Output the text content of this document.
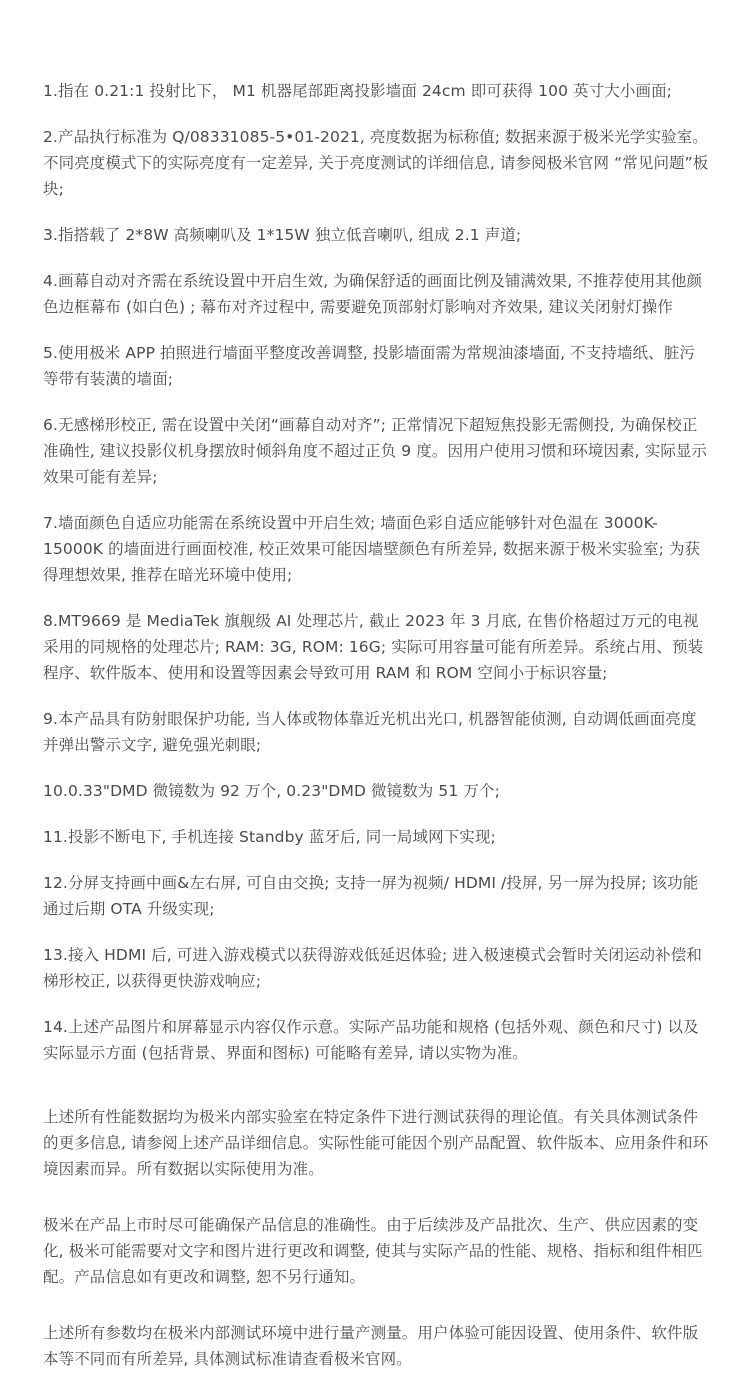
1.指在 0.21:1 投射比下， M1 机器尾部距离投影墙面 24cm 即可获得 100 英寸大小画面;

2.产品执行标准为 Q/08331085-5•01-2021, 亮度数据为标称值; 数据来源于极米光学实验室。不同亮度模式下的实际亮度有一定差异, 关于亮度测试的详细信息, 请参阅极米官网 “常见问题”板块;

3.指搭载了 2*8W 高频喇叭及 1*15W 独立低音喇叭, 组成 2.1 声道;

4.画幕自动对齐需在系统设置中开启生效, 为确保舒适的画面比例及铺满效果, 不推荐使用其他颜色边框幕布 (如白色) ; 幕布对齐过程中, 需要避免顶部射灯影响对齐效果, 建议关闭射灯操作

5.使用极米 APP 拍照进行墙面平整度改善调整, 投影墙面需为常规油漆墙面, 不支持墙纸、脏污等带有装潢的墙面;

6.无感梯形校正, 需在设置中关闭“画幕自动对齐”; 正常情况下超短焦投影无需侧投, 为确保校正准确性, 建议投影仪机身摆放时倾斜角度不超过正负 9 度。因用户使用习惯和环境因素, 实际显示效果可能有差异;

7.墙面颜色自适应功能需在系统设置中开启生效; 墙面色彩自适应能够针对色温在 3000K-15000K 的墙面进行画面校准, 校正效果可能因墙壁颜色有所差异, 数据来源于极米实验室; 为获得理想效果, 推荐在暗光环境中使用;

8.MT9669 是 MediaTek 旗舰级 AI 处理芯片, 截止 2023 年 3 月底, 在售价格超过万元的电视采用的同规格的处理芯片; RAM: 3G, ROM: 16G; 实际可用容量可能有所差异。系统占用、预装程序、软件版本、使用和设置等因素会导致可用 RAM 和 ROM 空间小于标识容量;

9.本产品具有防射眼保护功能, 当人体或物体靠近光机出光口, 机器智能侦测, 自动调低画面亮度并弹出警示文字, 避免强光刺眼;

10.0.33"DMD 微镜数为 92 万个, 0.23"DMD 微镜数为 51 万个;

11.投影不断电下, 手机连接 Standby 蓝牙后, 同一局域网下实现;

12.分屏支持画中画&左右屏, 可自由交换; 支持一屏为视频/ HDMI /投屏, 另一屏为投屏; 该功能通过后期 OTA 升级实现;

13.接入 HDMI 后, 可进入游戏模式以获得游戏低延迟体验; 进入极速模式会暂时关闭运动补偿和梯形校正, 以获得更快游戏响应;

14.上述产品图片和屏幕显示内容仅作示意。实际产品功能和规格 (包括外观、颜色和尺寸) 以及实际显示方面 (包括背景、界面和图标) 可能略有差异, 请以实物为准。

上述所有性能数据均为极米内部实验室在特定条件下进行测试获得的理论值。有关具体测试条件的更多信息, 请参阅上述产品详细信息。实际性能可能因个别产品配置、软件版本、应用条件和环境因素而异。所有数据以实际使用为准。

极米在产品上市时尽可能确保产品信息的准确性。由于后续涉及产品批次、生产、供应因素的变化, 极米可能需要对文字和图片进行更改和调整, 使其与实际产品的性能、规格、指标和组件相匹配。产品信息如有更改和调整, 恕不另行通知。

上述所有参数均在极米内部测试环境中进行量产测量。用户体验可能因设置、使用条件、软件版本等不同而有所差异, 具体测试标准请查看极米官网。
